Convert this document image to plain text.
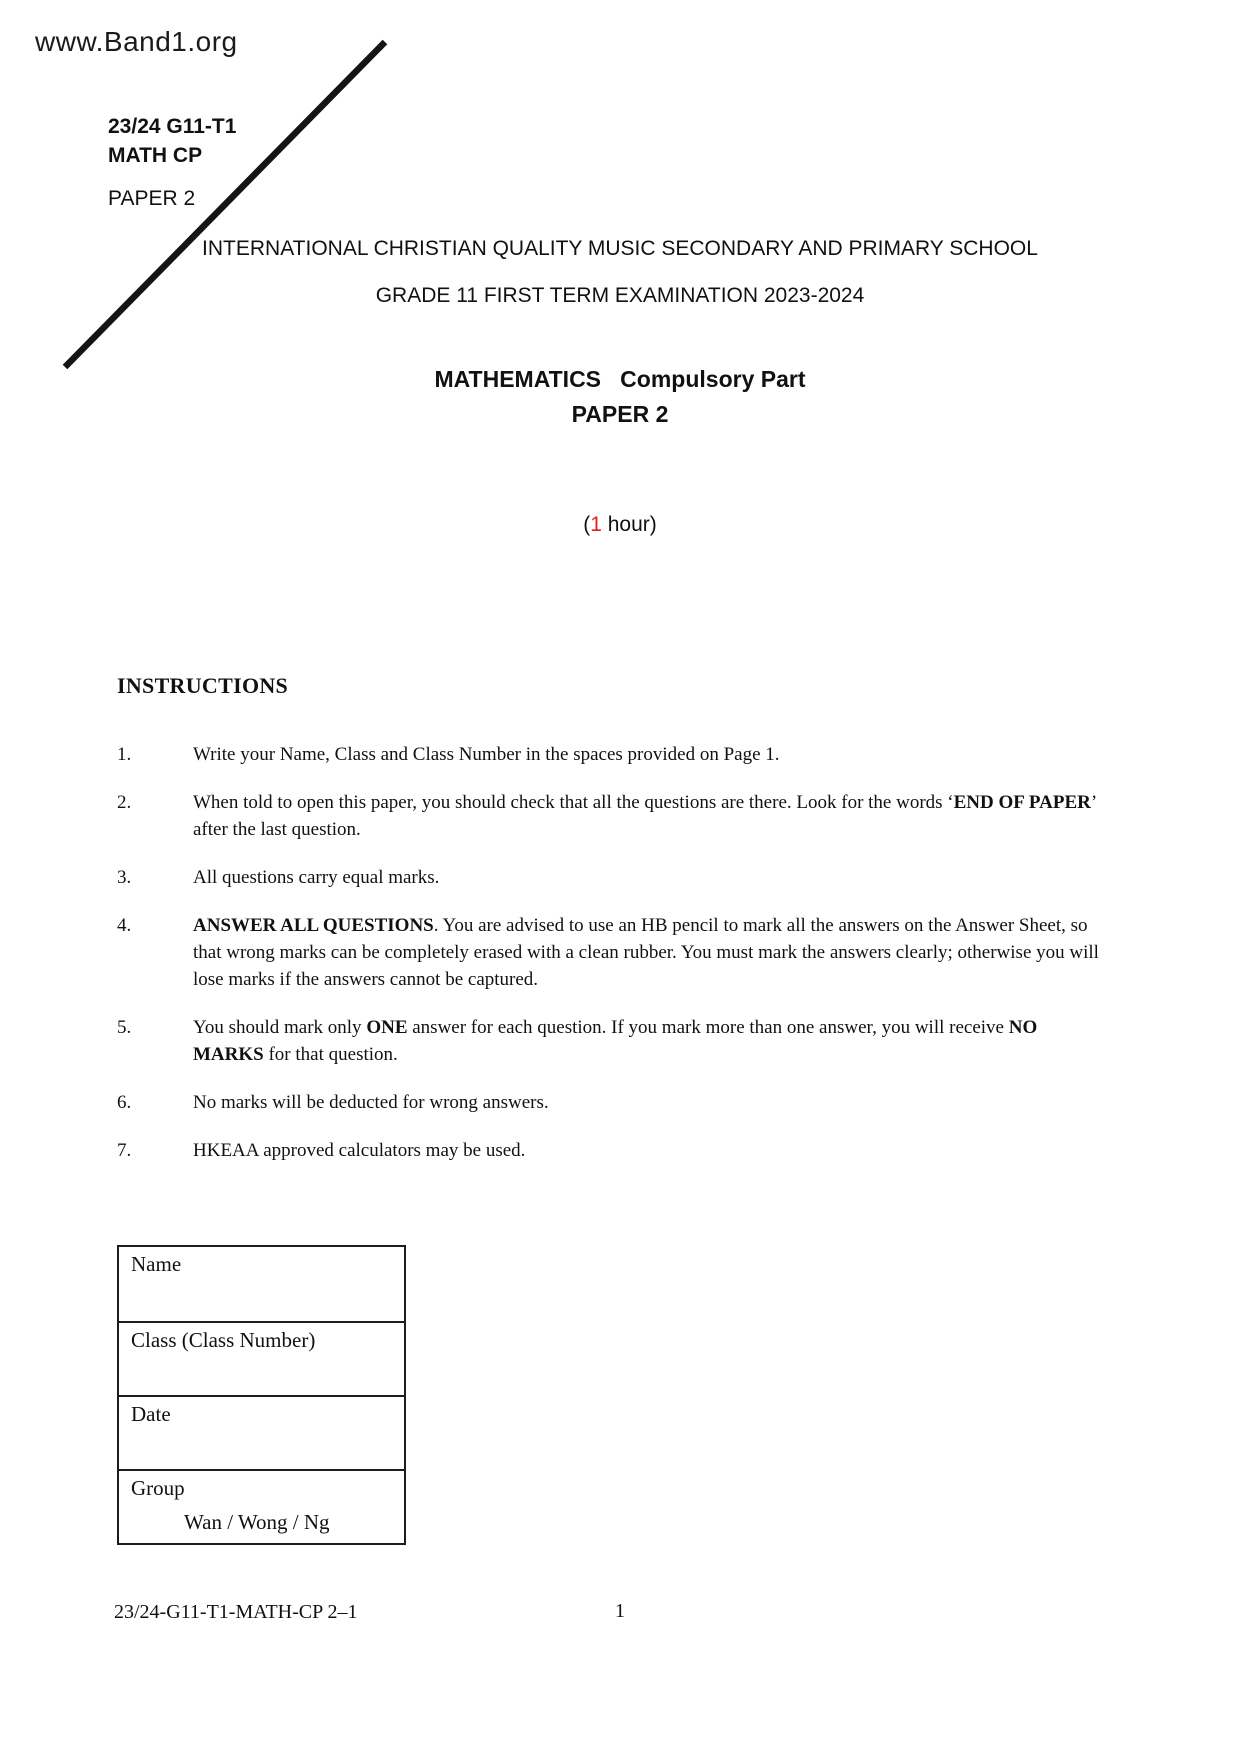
www.Band1.org
23/24 G11-T1
MATH CP
PAPER 2
INTERNATIONAL CHRISTIAN QUALITY MUSIC SECONDARY AND PRIMARY SCHOOL
GRADE 11 FIRST TERM EXAMINATION 2023-2024
MATHEMATICS   Compulsory Part
PAPER 2
(1 hour)
INSTRUCTIONS
1.	Write your Name, Class and Class Number in the spaces provided on Page 1.

2.	When told to open this paper, you should check that all the questions are there. Look for the words ‘END OF PAPER’ after the last question.

3.	All questions carry equal marks.

4.	ANSWER ALL QUESTIONS. You are advised to use an HB pencil to mark all the answers on the Answer Sheet, so that wrong marks can be completely erased with a clean rubber. You must mark the answers clearly; otherwise you will lose marks if the answers cannot be captured.

5.	You should mark only ONE answer for each question. If you mark more than one answer, you will receive NO MARKS for that question.

6.	No marks will be deducted for wrong answers.

7.	HKEAA approved calculators may be used.

Name
Class (Class Number)
Date
Group
Wan / Wong / Ng
23/24-G11-T1-MATH-CP 2–1	1
